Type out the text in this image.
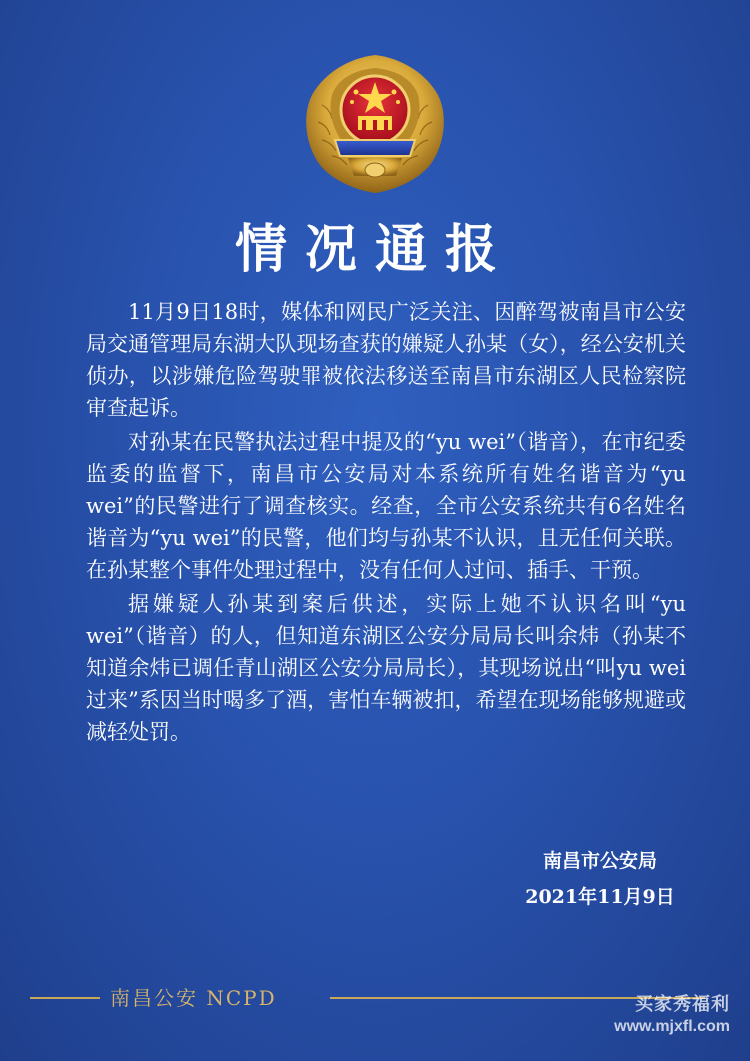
情况通报

11月9日18时，媒体和网民广泛关注、因醉驾被南昌市公安局交通管理局东湖大队现场查获的嫌疑人孙某（女），经公安机关侦办，以涉嫌危险驾驶罪被依法移送至南昌市东湖区人民检察院审查起诉。

对孙某在民警执法过程中提及的“yu wei”（谐音），在市纪委监委的监督下，南昌市公安局对本系统所有姓名谐音为“yu wei”的民警进行了调查核实。经查，全市公安系统共有6名姓名谐音为“yu wei”的民警，他们均与孙某不认识，且无任何关联。在孙某整个事件处理过程中，没有任何人过问、插手、干预。

据嫌疑人孙某到案后供述，实际上她不认识名叫“yu wei”（谐音）的人，但知道东湖区公安分局局长叫余炜（孙某不知道余炜已调任青山湖区公安分局局长），其现场说出“叫yu wei过来”系因当时喝多了酒，害怕车辆被扣，希望在现场能够规避或减轻处罚。

南昌市公安局
2021年11月9日
南昌公安 NCPD	买家秀福利
www.mjxfl.com
